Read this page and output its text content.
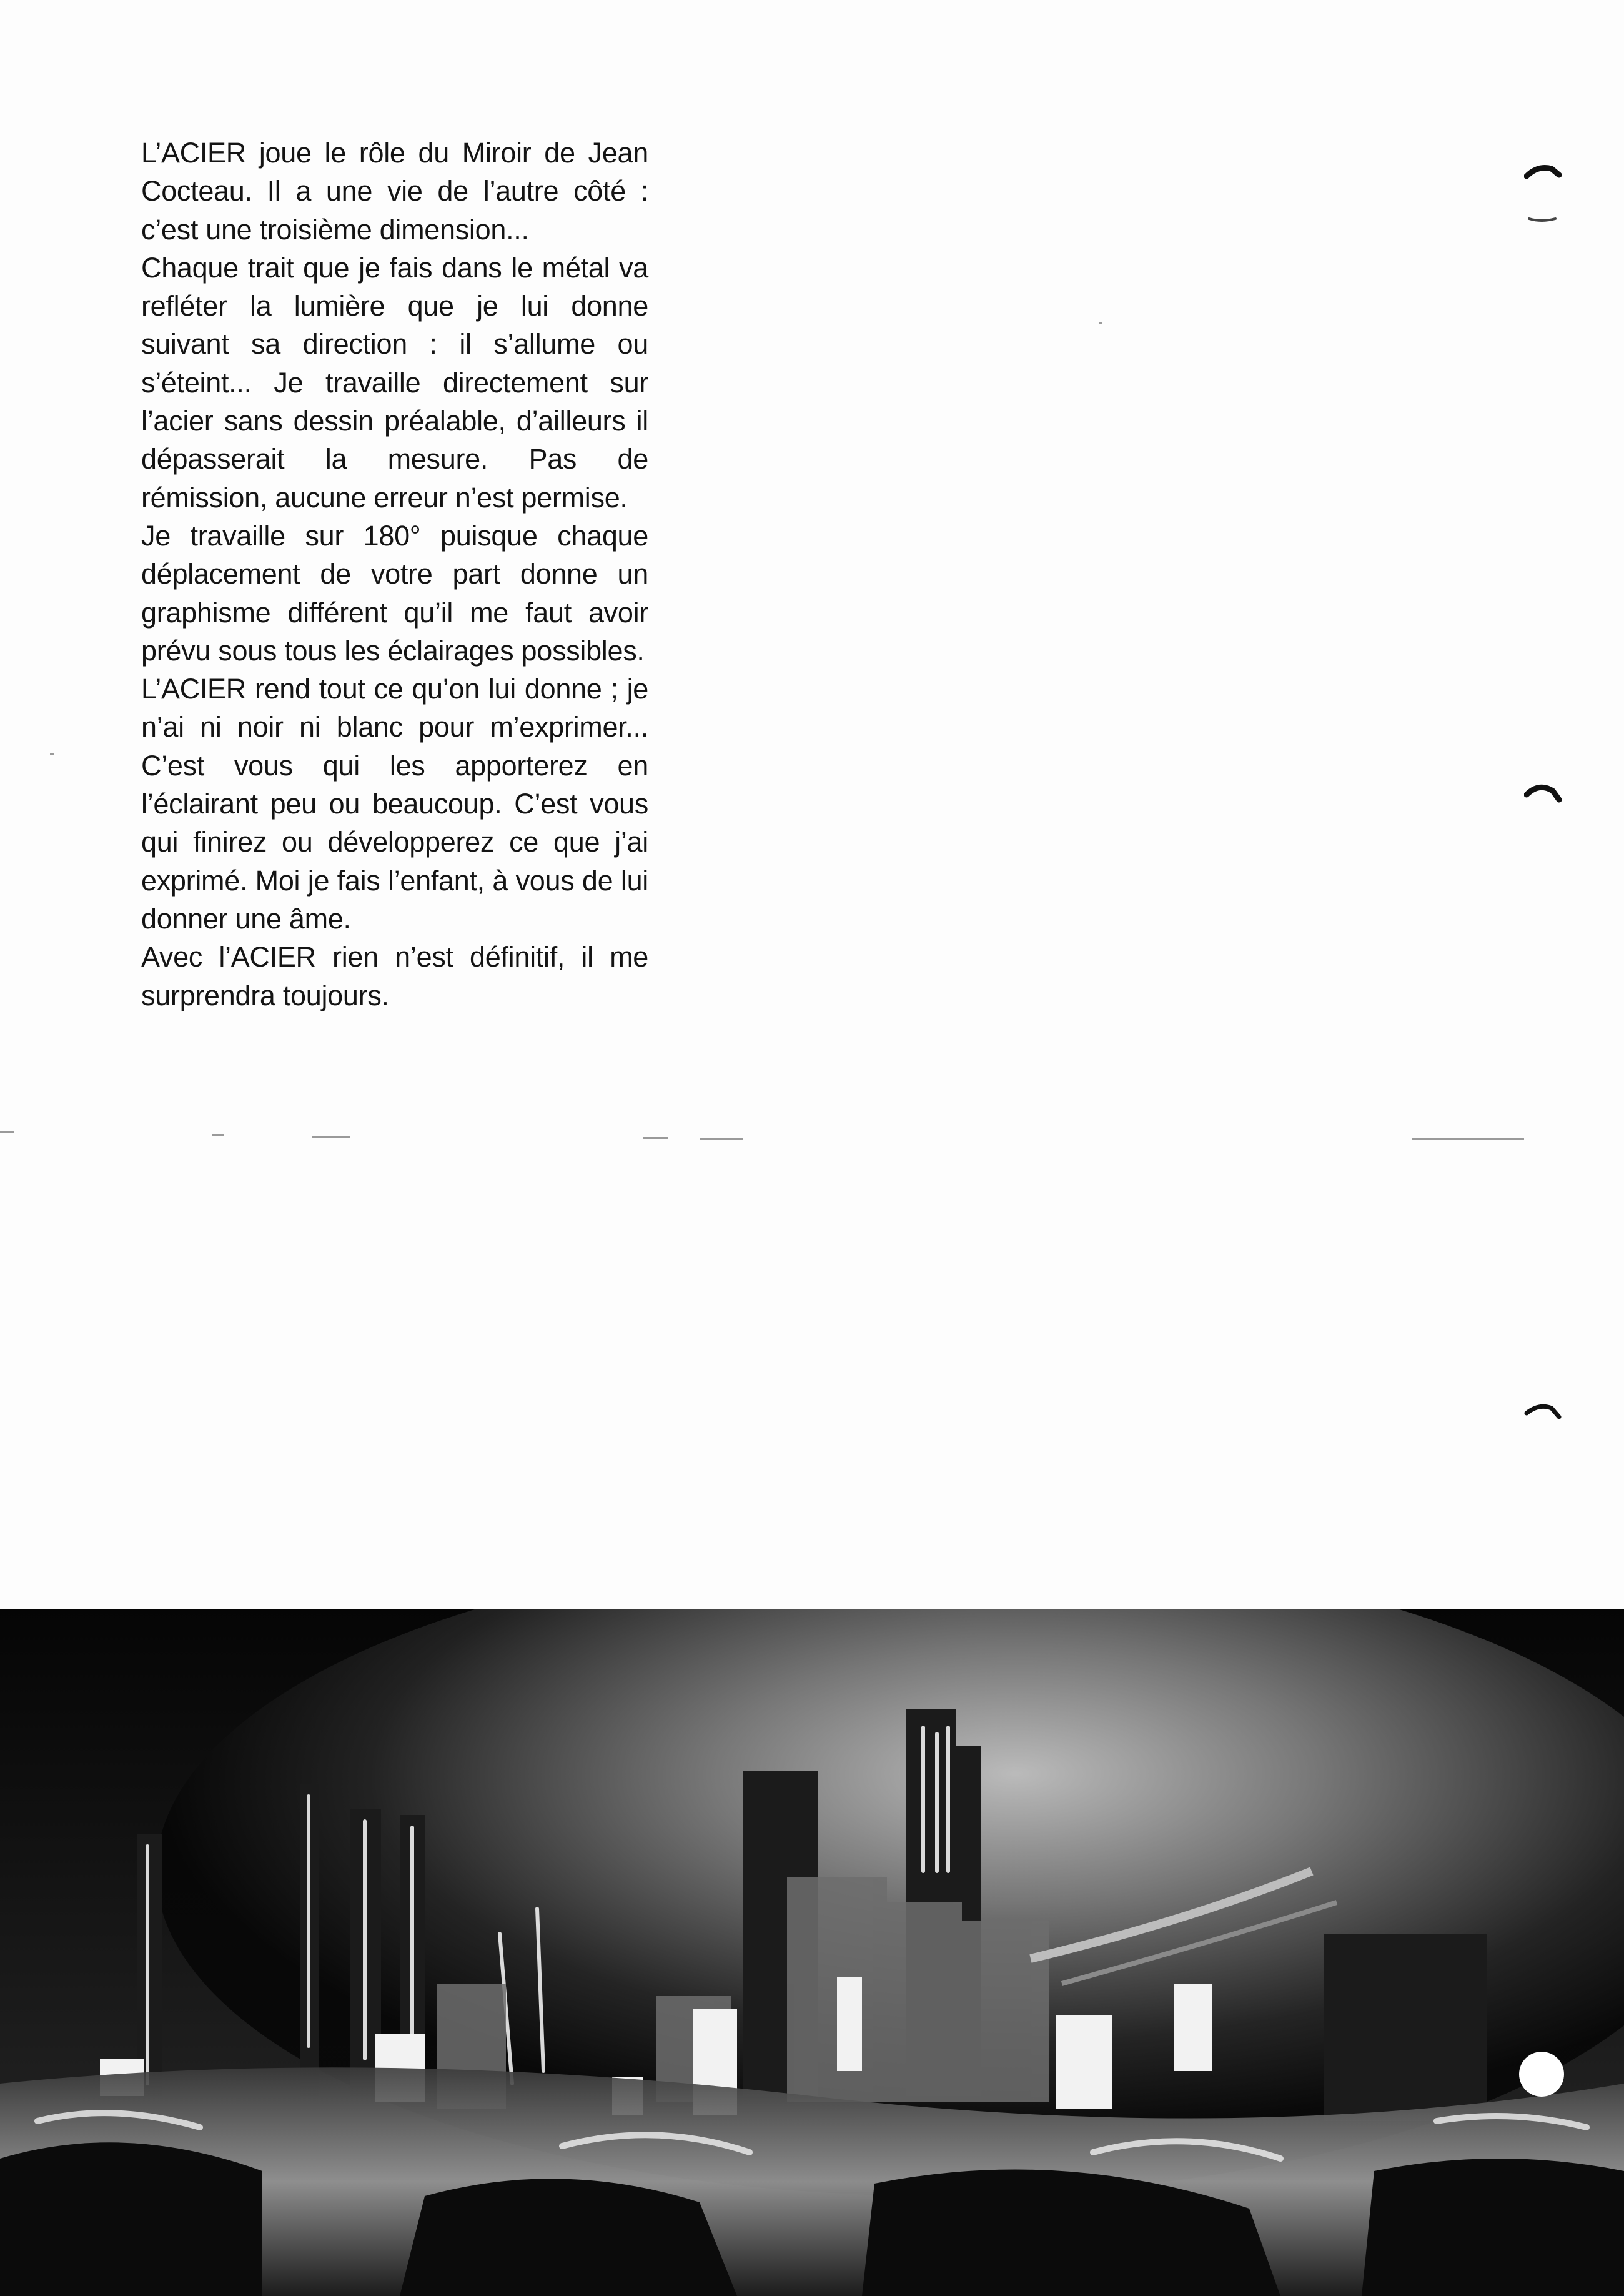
L’ACIER joue le rôle du Miroir de Jean Cocteau. Il a une vie de l’autre côté : c’est une troisième dimension...

Chaque trait que je fais dans le métal va refléter la lumière que je lui donne suivant sa direction : il s’allume ou s’éteint... Je travaille directement sur l’acier sans dessin préalable, d’ailleurs il dépasserait la mesure. Pas de rémission, aucune erreur n’est permise.

Je travaille sur 180° puisque chaque déplacement de votre part donne un graphisme différent qu’il me faut avoir prévu sous tous les éclairages possibles.

L’ACIER rend tout ce qu’on lui donne ; je n’ai ni noir ni blanc pour m’exprimer... C’est vous qui les apporterez en l’éclairant peu ou beaucoup. C’est vous qui finirez ou développerez ce que j’ai exprimé. Moi je fais l’enfant, à vous de lui donner une âme.

Avec l’ACIER rien n’est définitif, il me surprendra toujours.
